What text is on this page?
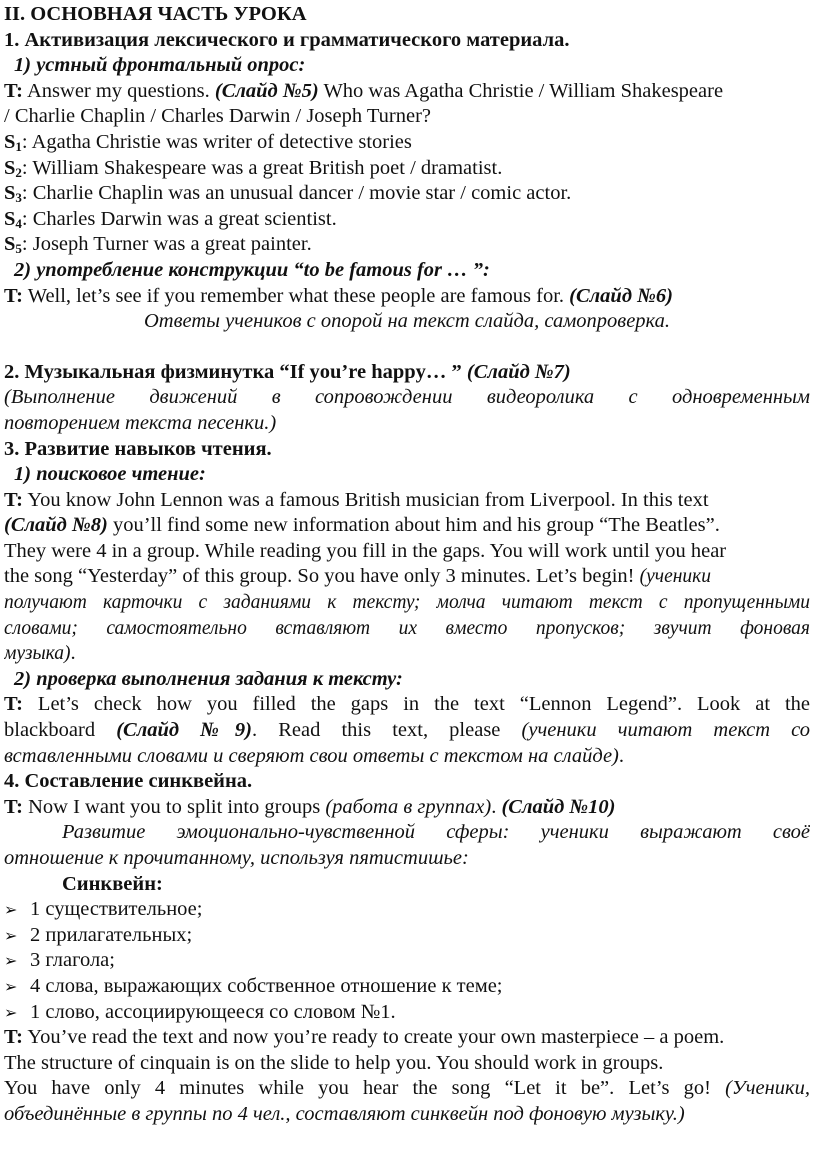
II. ОСНОВНАЯ ЧАСТЬ УРОКА
1. Активизация лексического и грамматического материала.
1) устный фронтальный опрос:
T: Answer my questions. (Слайд №5) Who was Agatha Christie / William Shakespeare
/ Charlie Chaplin / Charles Darwin / Joseph Turner?
$S_1$: Agatha Christie was writer of detective stories
$S_2$: William Shakespeare was a great British poet / dramatist.
$S_3$: Charlie Chaplin was an unusual dancer / movie star / comic actor.
$S_4$: Charles Darwin was a great scientist.
$S_5$: Joseph Turner was a great painter.
2) употребление конструкции “to be famous for … ”:
T: Well, let’s see if you remember what these people are famous for. (Слайд №6)
Ответы учеников с опорой на текст слайда, самопроверка.
2. Музыкальная физминутка “If you’re happy… ” (Слайд №7)
(Выполнение движений в сопровождении видеоролика с одновременным
повторением текста песенки.)
3. Развитие навыков чтения.
1) поисковое чтение:
T: You know John Lennon was a famous British musician from Liverpool. In this text
(Слайд №8) you’ll find some new information about him and his group “The Beatles”.
They were 4 in a group. While reading you fill in the gaps. You will work until you hear
the song “Yesterday” of this group. So you have only 3 minutes. Let’s begin! (ученики
получают карточки с заданиями к тексту; молча читают текст с пропущенными
словами; самостоятельно вставляют их вместо пропусков; звучит фоновая
музыка).
2) проверка выполнения задания к тексту:
T: Let’s check how you filled the gaps in the text “Lennon Legend”. Look at the
blackboard (Слайд №9). Read this text, please (ученики читают текст со
вставленными словами и сверяют свои ответы с текстом на слайде).
4. Составление синквейна.
T: Now I want you to split into groups (работа в группах). (Слайд №10)
Развитие эмоционально-чувственной сферы: ученики выражают своё
отношение к прочитанному, используя пятистишье:
Синквейн:
➢ 1 существительное;
➢ 2 прилагательных;
➢ 3 глагола;
➢ 4 слова, выражающих собственное отношение к теме;
➢ 1 слово, ассоциирующееся со словом №1.
T: You’ve read the text and now you’re ready to create your own masterpiece – a poem.
The structure of cinquain is on the slide to help you. You should work in groups.
You have only 4 minutes while you hear the song “Let it be”. Let’s go! (Ученики,
объединённые в группы по 4 чел., составляют синквейн под фоновую музыку.)
